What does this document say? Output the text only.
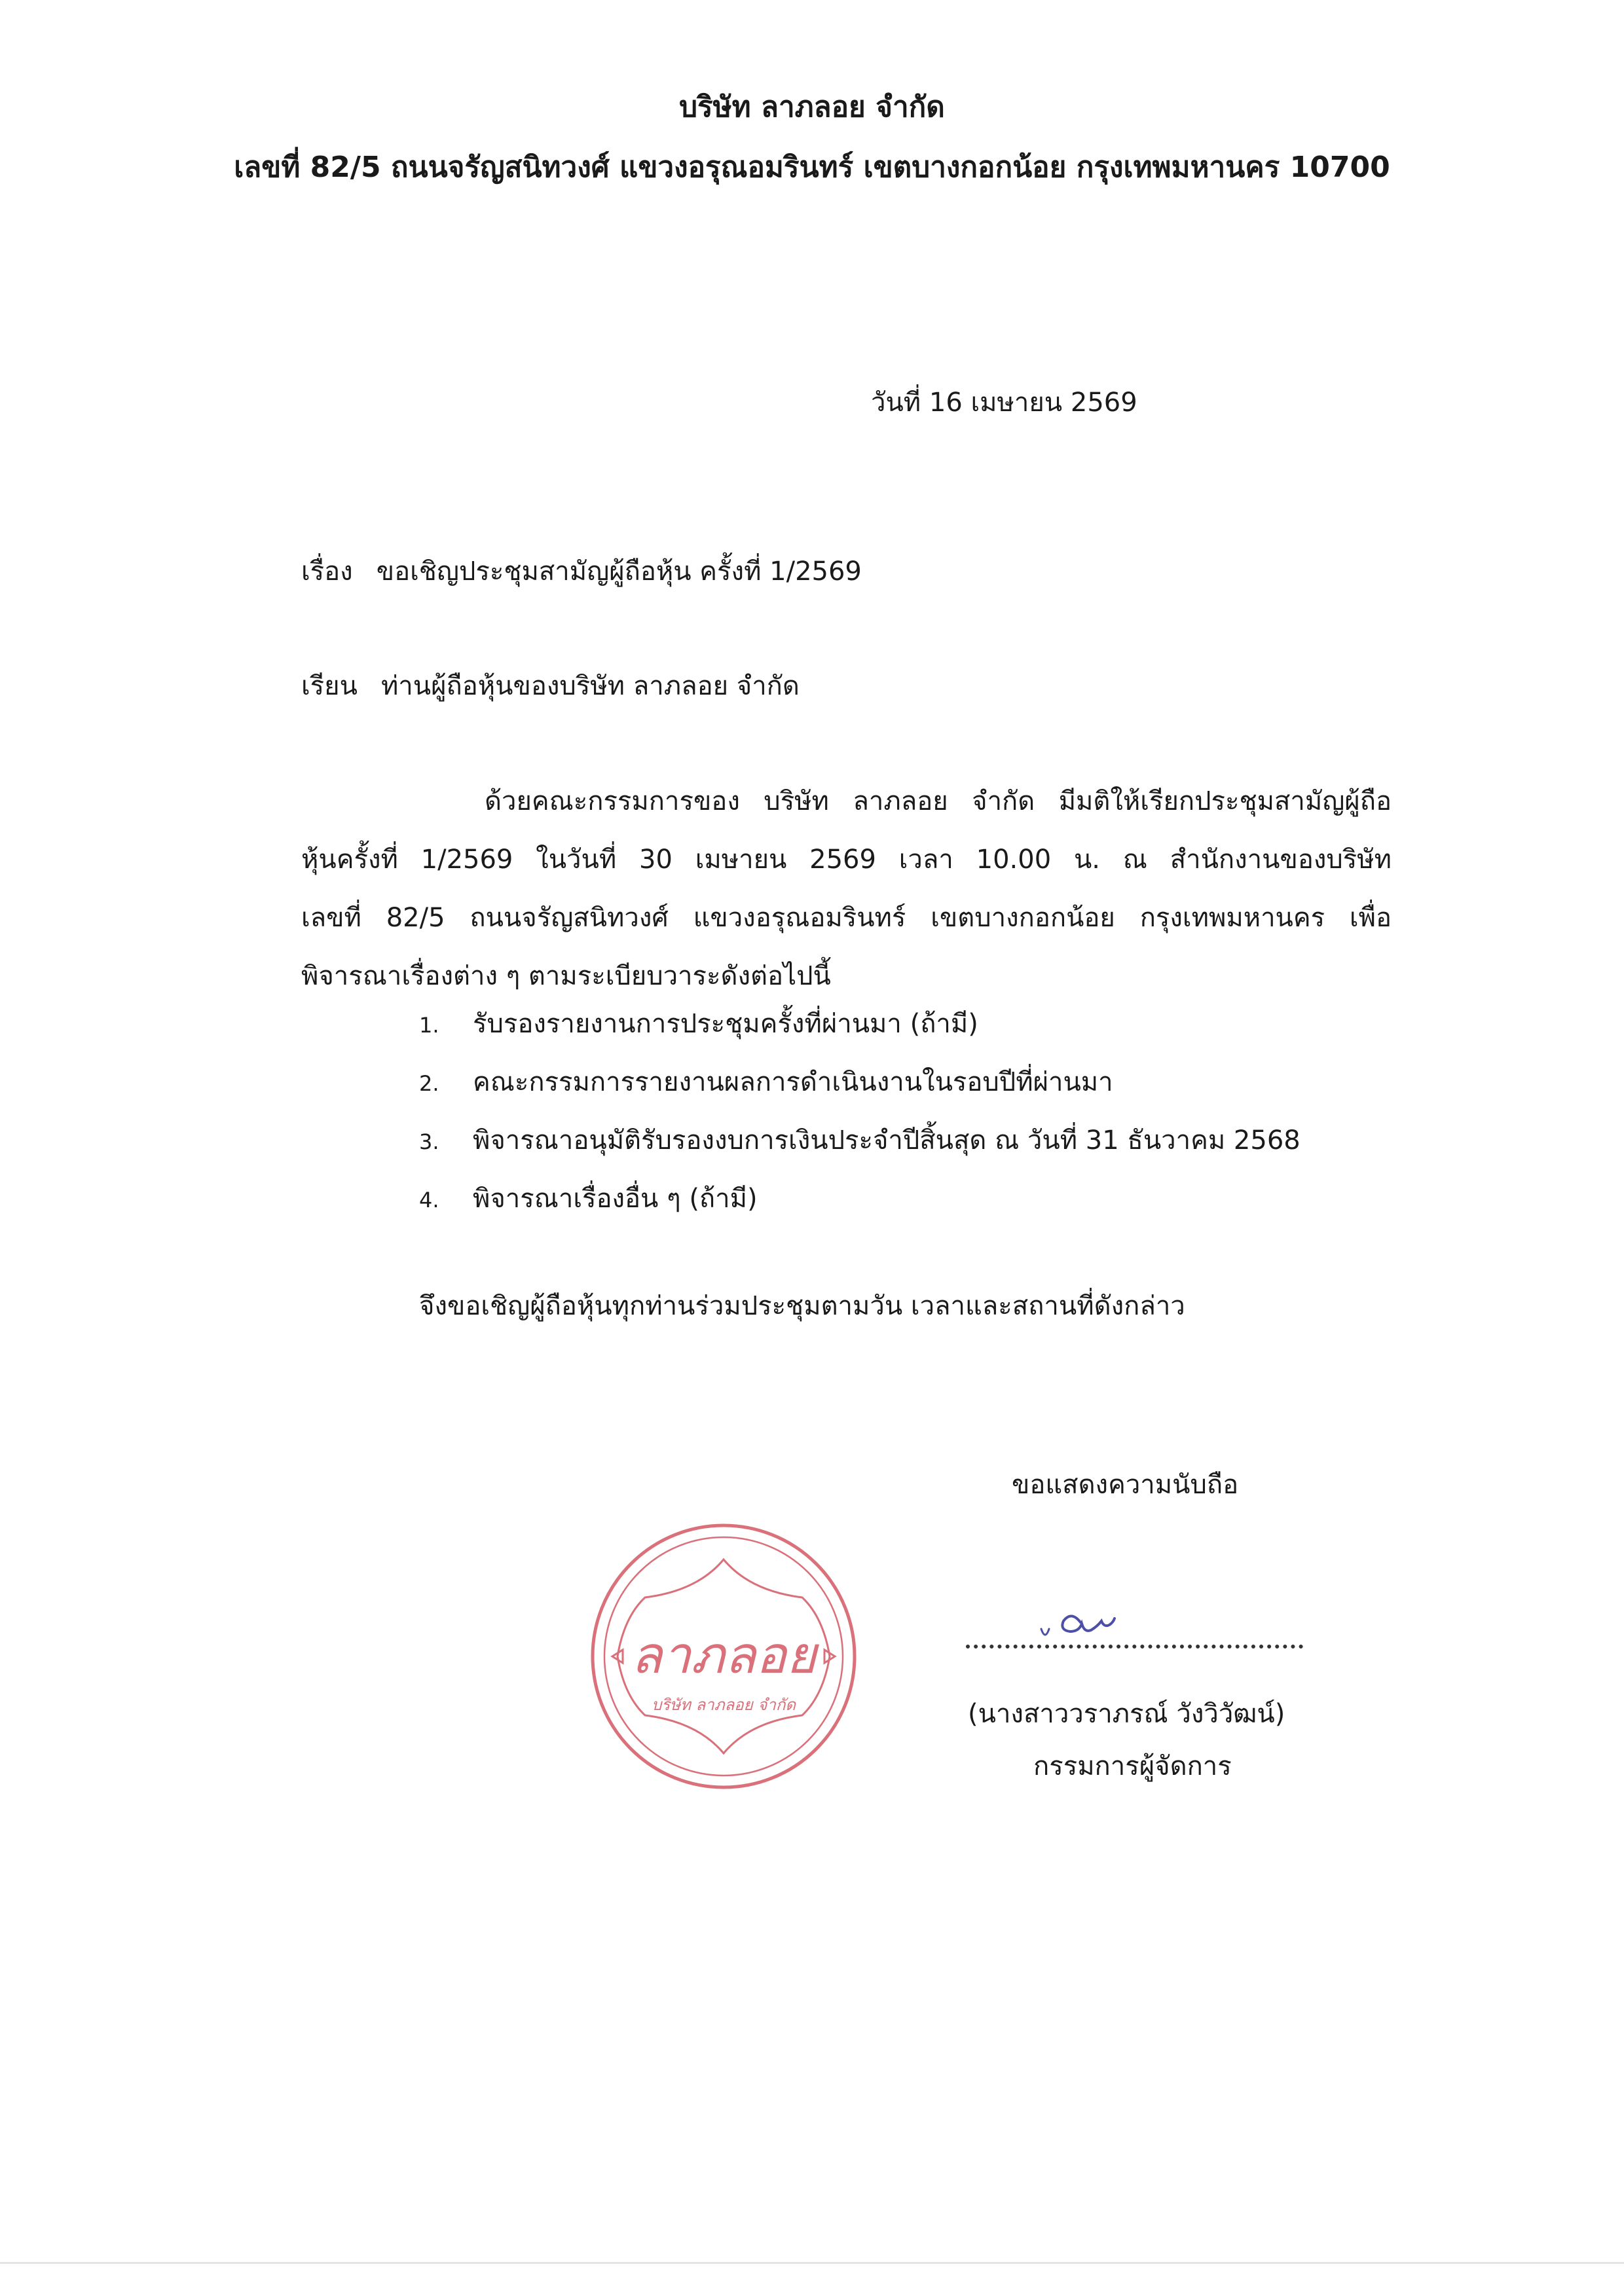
บริษัท ลาภลอย จำกัด

เลขที่ 82/5 ถนนจรัญสนิทวงศ์ แขวงอรุณอมรินทร์ เขตบางกอกน้อย กรุงเทพมหานคร 10700

วันที่ 16 เมษายน 2569

เรื่อง ขอเชิญประชุมสามัญผู้ถือหุ้น ครั้งที่ 1/2569

เรียน ท่านผู้ถือหุ้นของบริษัท ลาภลอย จำกัด

ด้วยคณะกรรมการของ บริษัท ลาภลอย จำกัด มีมติให้เรียกประชุมสามัญผู้ถือ
หุ้นครั้งที่ 1/2569 ในวันที่ 30 เมษายน 2569 เวลา 10.00 น. ณ สำนักงานของบริษัท
เลขที่ 82/5 ถนนจรัญสนิทวงศ์ แขวงอรุณอมรินทร์ เขตบางกอกน้อย กรุงเทพมหานคร เพื่อ
พิจารณาเรื่องต่าง ๆ ตามระเบียบวาระดังต่อไปนี้
1. รับรองรายงานการประชุมครั้งที่ผ่านมา (ถ้ามี)
2. คณะกรรมการรายงานผลการดำเนินงานในรอบปีที่ผ่านมา
3. พิจารณาอนุมัติรับรองงบการเงินประจำปีสิ้นสุด ณ วันที่ 31 ธันวาคม 2568
4. พิจารณาเรื่องอื่น ๆ (ถ้ามี)

จึงขอเชิญผู้ถือหุ้นทุกท่านร่วมประชุมตามวัน เวลาและสถานที่ดังกล่าว

ขอแสดงความนับถือ

(นางสาววราภรณ์ วังวิวัฒน์)

กรรมการผู้จัดการ

ลาภลอย
บริษัท ลาภลอย จำกัด
